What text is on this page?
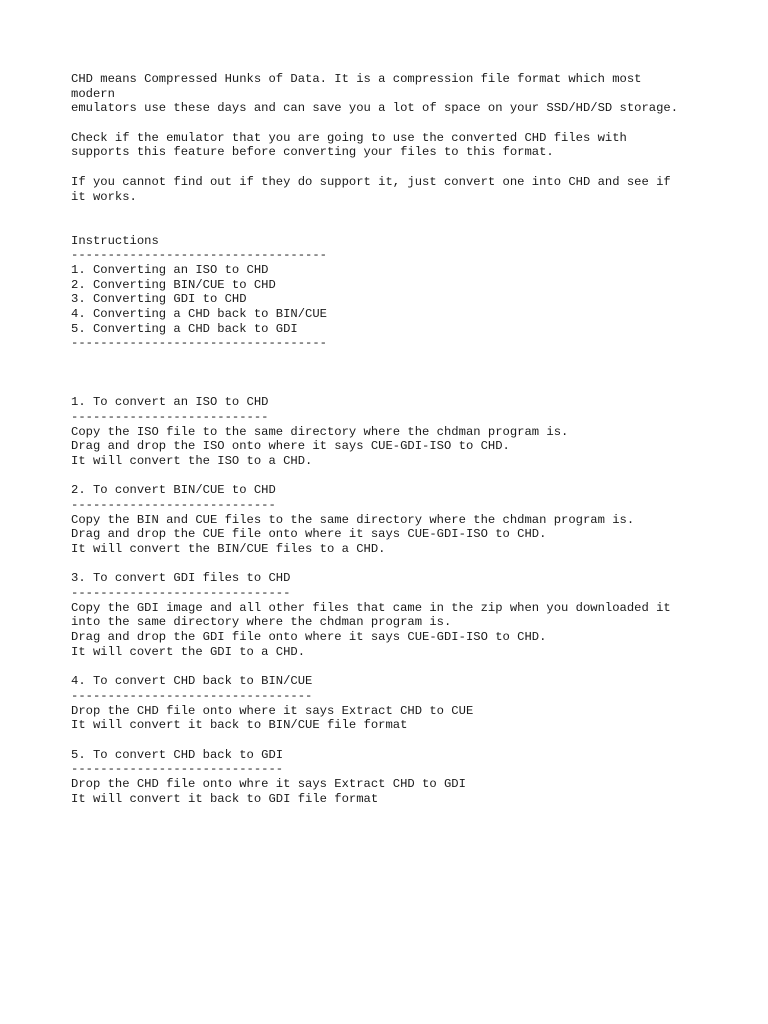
CHD means Compressed Hunks of Data. It is a compression file format which most
modern
emulators use these days and can save you a lot of space on your SSD/HD/SD storage.
Check if the emulator that you are going to use the converted CHD files with
supports this feature before converting your files to this format.
If you cannot find out if they do support it, just convert one into CHD and see if
it works.
Instructions
-----------------------------------
1. Converting an ISO to CHD
2. Converting BIN/CUE to CHD
3. Converting GDI to CHD
4. Converting a CHD back to BIN/CUE
5. Converting a CHD back to GDI
-----------------------------------
1. To convert an ISO to CHD
---------------------------
Copy the ISO file to the same directory where the chdman program is.
Drag and drop the ISO onto where it says CUE-GDI-ISO to CHD.
It will convert the ISO to a CHD.
2. To convert BIN/CUE to CHD
----------------------------
Copy the BIN and CUE files to the same directory where the chdman program is.
Drag and drop the CUE file onto where it says CUE-GDI-ISO to CHD.
It will convert the BIN/CUE files to a CHD.
3. To convert GDI files to CHD
------------------------------
Copy the GDI image and all other files that came in the zip when you downloaded it
into the same directory where the chdman program is.
Drag and drop the GDI file onto where it says CUE-GDI-ISO to CHD.
It will covert the GDI to a CHD.
4. To convert CHD back to BIN/CUE
---------------------------------
Drop the CHD file onto where it says Extract CHD to CUE
It will convert it back to BIN/CUE file format
5. To convert CHD back to GDI
-----------------------------
Drop the CHD file onto whre it says Extract CHD to GDI
It will convert it back to GDI file format
